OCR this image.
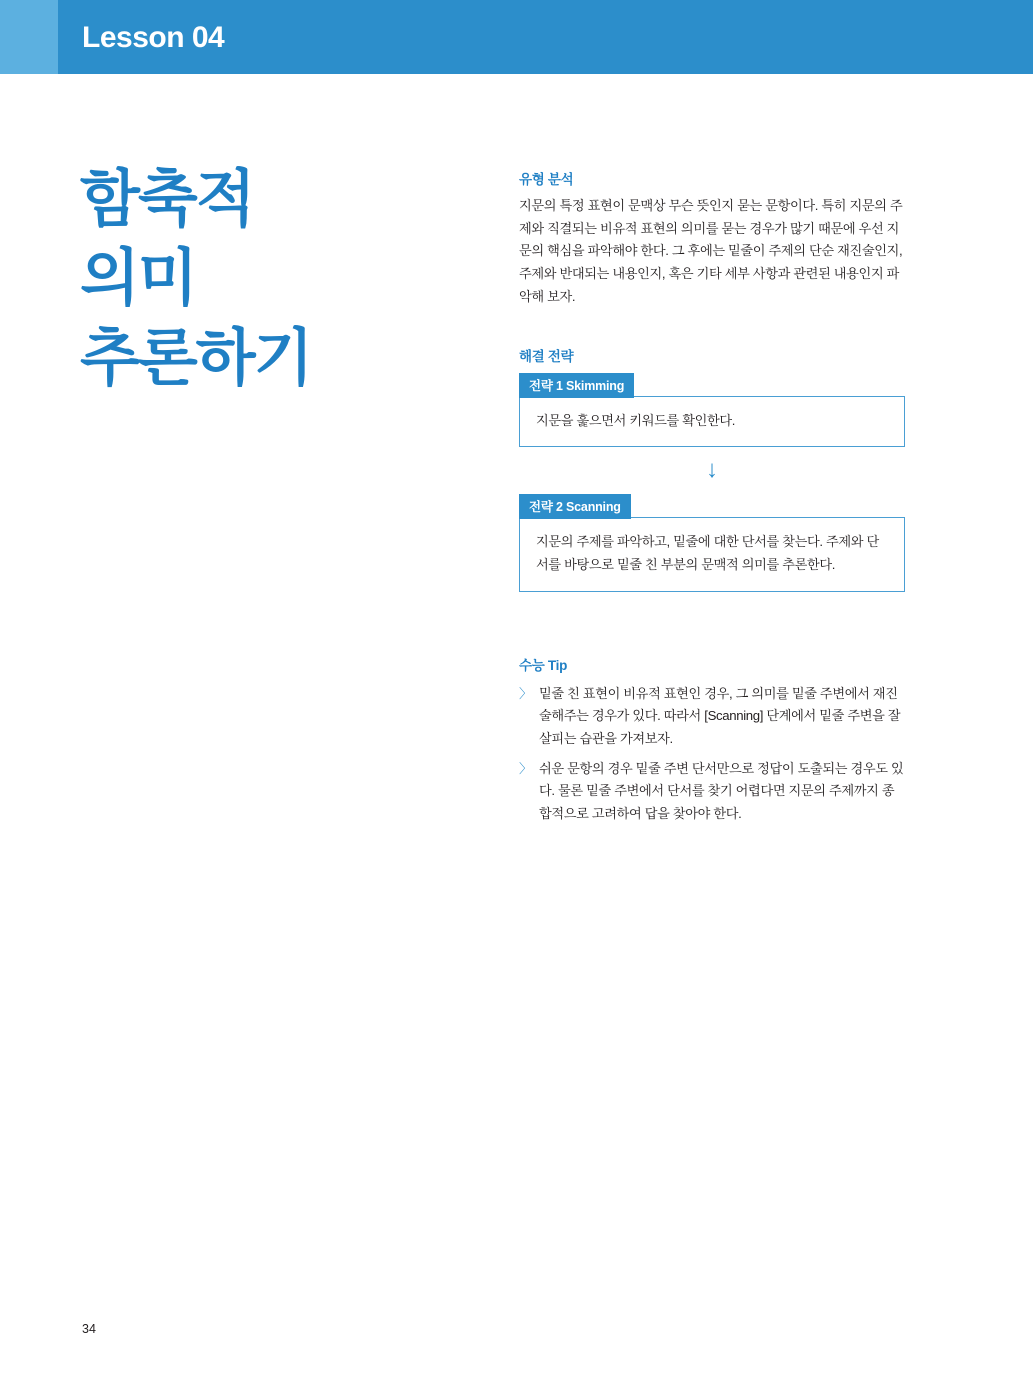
Lesson 04
함축적
의미
추론하기
유형 분석
지문의 특정 표현이 문맥상 무슨 뜻인지 묻는 문항이다. 특히 지문의 주제와 직결되는 비유적 표현의 의미를 묻는 경우가 많기 때문에 우선 지문의 핵심을 파악해야 한다. 그 후에는 밑줄이 주제의 단순 재진술인지, 주제와 반대되는 내용인지, 혹은 기타 세부 사항과 관련된 내용인지 파악해 보자.
해결 전략
전략 1 Skimming
지문을 훑으면서 키워드를 확인한다.
↓
전략 2 Scanning
지문의 주제를 파악하고, 밑줄에 대한 단서를 찾는다. 주제와 단서를 바탕으로 밑줄 친 부분의 문맥적 의미를 추론한다.
수능 Tip
〉 밑줄 친 표현이 비유적 표현인 경우, 그 의미를 밑줄 주변에서 재진술해주는 경우가 있다. 따라서 [Scanning] 단계에서 밑줄 주변을 잘 살피는 습관을 가져보자.
〉 쉬운 문항의 경우 밑줄 주변 단서만으로 정답이 도출되는 경우도 있다. 물론 밑줄 주변에서 단서를 찾기 어렵다면 지문의 주제까지 종합적으로 고려하여 답을 찾아야 한다.
34
